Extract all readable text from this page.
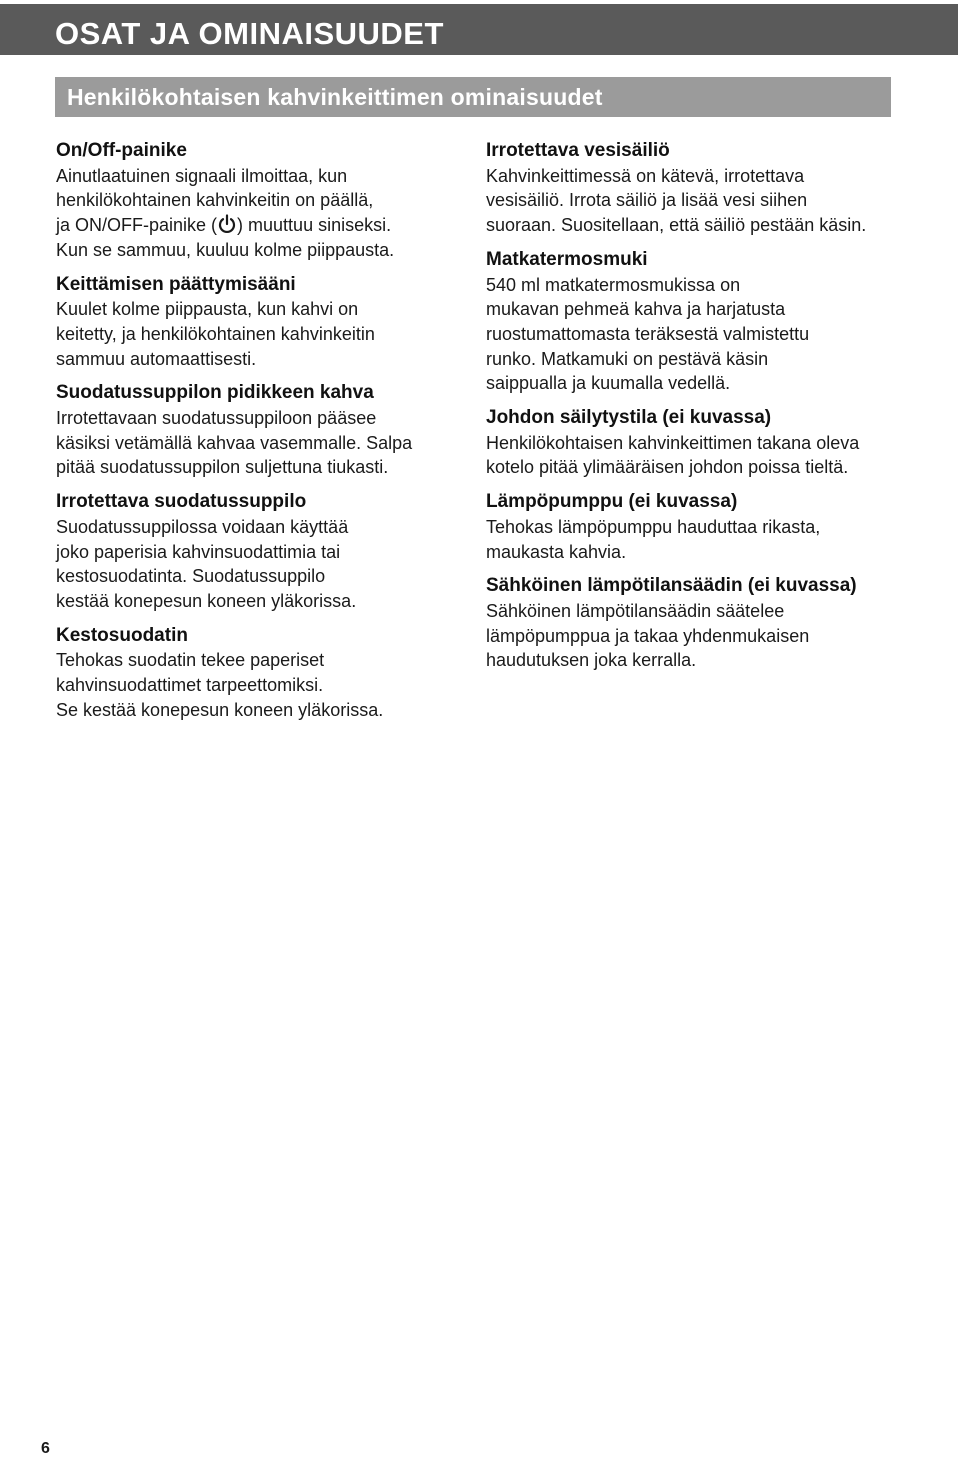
OSAT JA OMINAISUUDET
Henkilökohtaisen kahvinkeittimen ominaisuudet
On/Off-painike
Ainutlaatuinen signaali ilmoittaa, kun
henkilökohtainen kahvinkeitin on päällä,
ja ON/OFF-painike ( ) muuttuu siniseksi.
Kun se sammuu, kuuluu kolme piippausta.
Keittämisen päättymisääni
Kuulet kolme piippausta, kun kahvi on
keitetty, ja henkilökohtainen kahvinkeitin
sammuu automaattisesti.
Suodatussuppilon pidikkeen kahva
Irrotettavaan suodatussuppiloon pääsee
käsiksi vetämällä kahvaa vasemmalle. Salpa
pitää suodatussuppilon suljettuna tiukasti.
Irrotettava suodatussuppilo
Suodatussuppilossa voidaan käyttää
joko paperisia kahvinsuodattimia tai
kestosuodatinta. Suodatussuppilo
kestää konepesun koneen yläkorissa.
Kestosuodatin
Tehokas suodatin tekee paperiset
kahvinsuodattimet tarpeettomiksi.
Se kestää konepesun koneen yläkorissa.
Irrotettava vesisäiliö
Kahvinkeittimessä on kätevä, irrotettava
vesisäiliö. Irrota säiliö ja lisää vesi siihen
suoraan. Suositellaan, että säiliö pestään käsin.
Matkatermosmuki
540 ml matkatermosmukissa on
mukavan pehmeä kahva ja harjatusta
ruostumattomasta teräksestä valmistettu
runko. Matkamuki on pestävä käsin
saippualla ja kuumalla vedellä.
Johdon säilytystila (ei kuvassa)
Henkilökohtaisen kahvinkeittimen takana oleva
kotelo pitää ylimääräisen johdon poissa tieltä.
Lämpöpumppu (ei kuvassa)
Tehokas lämpöpumppu hauduttaa rikasta,
maukasta kahvia.
Sähköinen lämpötilansäädin (ei kuvassa)
Sähköinen lämpötilansäädin säätelee
lämpöpumppua ja takaa yhdenmukaisen
haudutuksen joka kerralla.
6
